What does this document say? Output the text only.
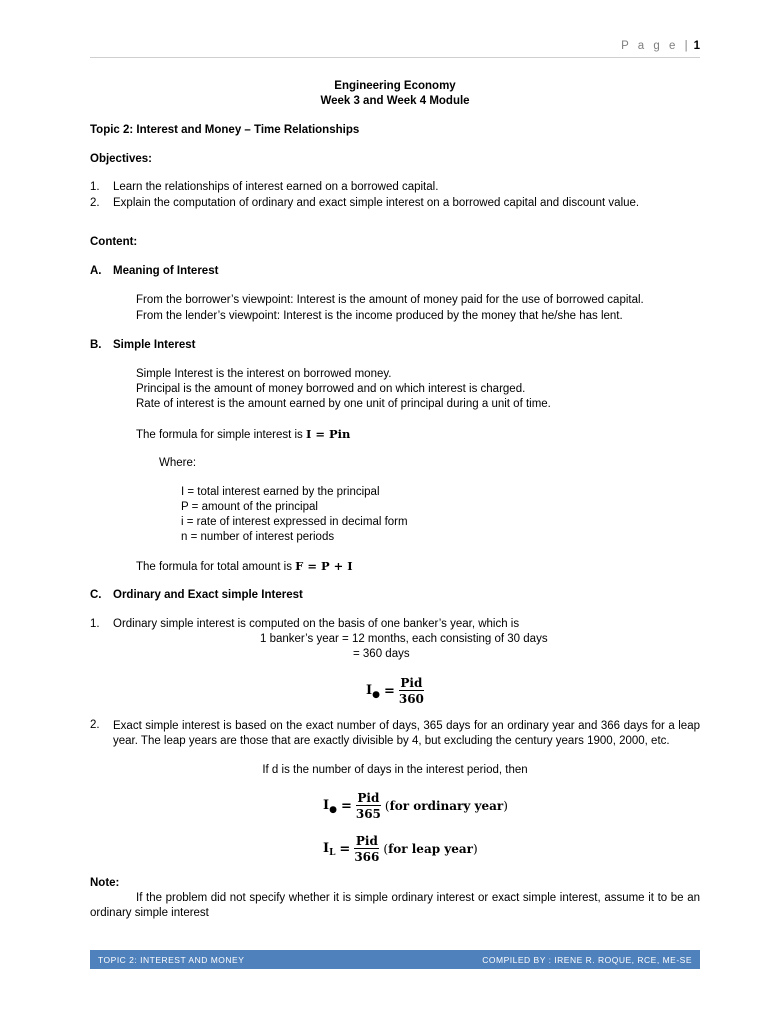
P a g e | 1
Engineering Economy
Week 3 and Week 4 Module
Topic 2: Interest and Money – Time Relationships
Objectives:
1. Learn the relationships of interest earned on a borrowed capital.
2. Explain the computation of ordinary and exact simple interest on a borrowed capital and discount value.
Content:
A. Meaning of Interest
From the borrower’s viewpoint: Interest is the amount of money paid for the use of borrowed capital.
From the lender’s viewpoint: Interest is the income produced by the money that he/she has lent.
B. Simple Interest
Simple Interest is the interest on borrowed money.
Principal is the amount of money borrowed and on which interest is charged.
Rate of interest is the amount earned by one unit of principal during a unit of time.
The formula for simple interest is I = Pin
Where:
I = total interest earned by the principal
P = amount of the principal
i = rate of interest expressed in decimal form
n = number of interest periods
The formula for total amount is F = P + I
C. Ordinary and Exact simple Interest
1. Ordinary simple interest is computed on the basis of one banker’s year, which is
1 banker’s year = 12 months, each consisting of 30 days
= 360 days
$I_● = \frac{\text{Pid}}{360}$
2. Exact simple interest is based on the exact number of days, 365 days for an ordinary year and 366 days for a leap year. The leap years are those that are exactly divisible by 4, but excluding the century years 1900, 2000, etc.
If d is the number of days in the interest period, then
$I_● = \frac{\text{Pid}}{365} (for$ ordinary year)
$I_L = \frac{\text{Pid}}{366} (for$ leap year)
Note:
If the problem did not specify whether it is simple ordinary interest or exact simple interest, assume it to be an ordinary simple interest
TOPIC 2: INTEREST AND MONEY	COMPILED BY : IRENE R. ROQUE, RCE, ME-SE
